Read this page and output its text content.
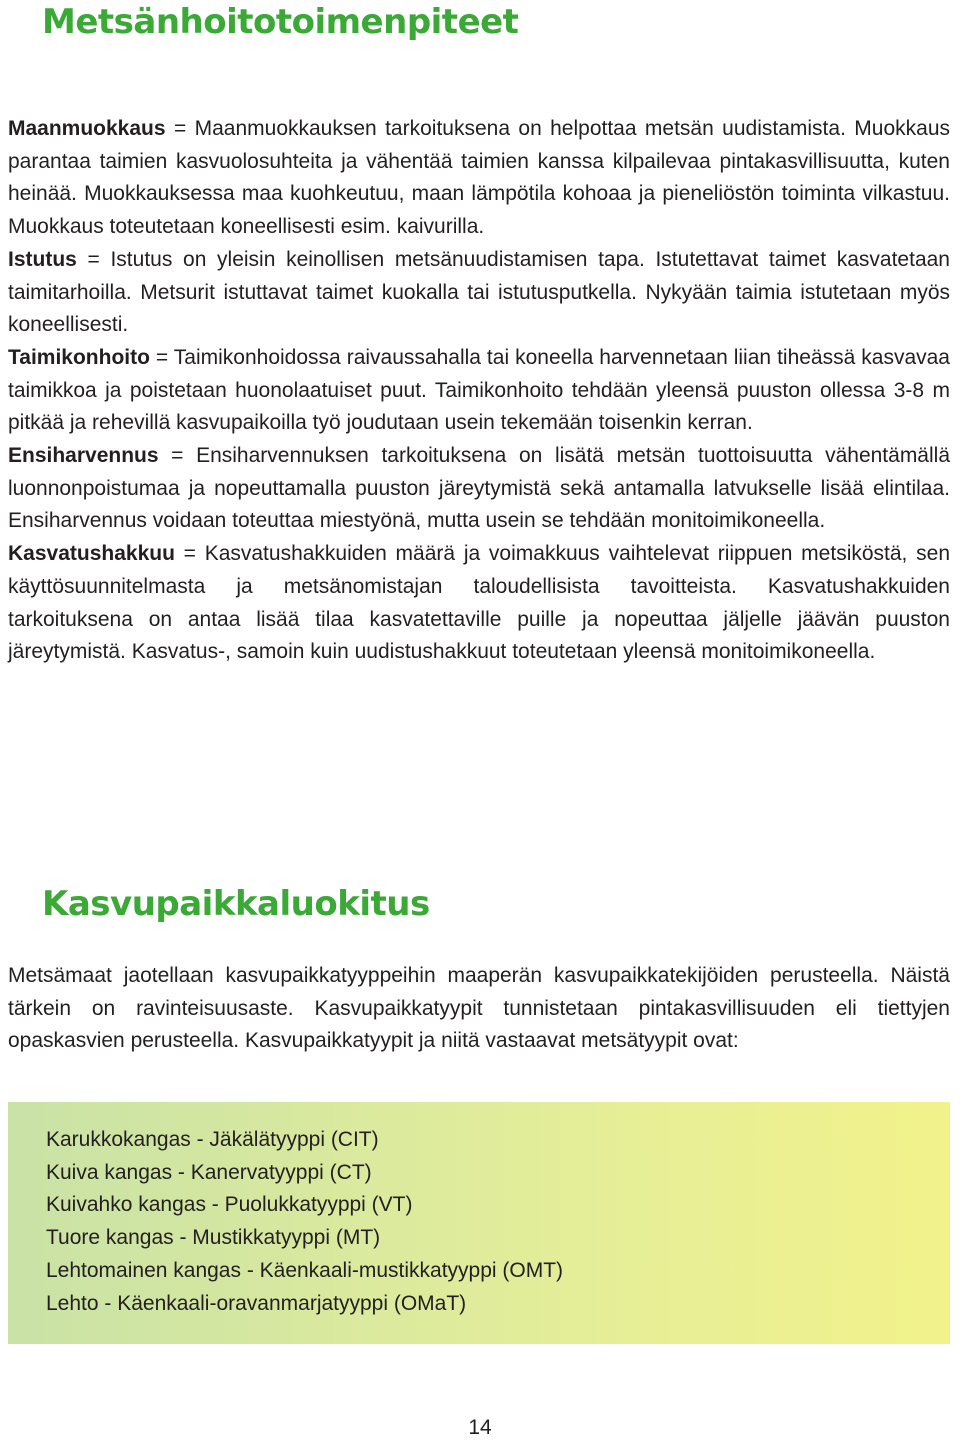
Metsänhoitotoimenpiteet

Maanmuokkaus = Maanmuokkauksen tarkoituksena on helpottaa metsän uudistamista. Muokkaus parantaa taimien kasvuolosuhteita ja vähentää taimien kanssa kilpailevaa pintakasvillisuutta, kuten heinää. Muokkauksessa maa kuohkeutuu, maan lämpötila kohoaa ja pieneliöstön toiminta vilkastuu. Muokkaus toteutetaan koneellisesti esim. kaivurilla.

Istutus = Istutus on yleisin keinollisen metsänuudistamisen tapa. Istutettavat taimet kasvatetaan taimitarhoilla. Metsurit istuttavat taimet kuokalla tai istutusputkella. Nykyään taimia istutetaan myös koneellisesti.

Taimikonhoito = Taimikonhoidossa raivaussahalla tai koneella harvennetaan liian tiheässä kasvavaa taimikkoa ja poistetaan huonolaatuiset puut. Taimikonhoito tehdään yleensä puuston ollessa 3-8 m pitkää ja rehevillä kasvupaikoilla työ joudutaan usein tekemään toisenkin kerran.

Ensiharvennus = Ensiharvennuksen tarkoituksena on lisätä metsän tuottoisuutta vähentämällä luonnonpoistumaa ja nopeuttamalla puuston järeytymistä sekä antamalla latvukselle lisää elintilaa. Ensiharvennus voidaan toteuttaa miestyönä, mutta usein se tehdään monitoimikoneella.

Kasvatushakkuu = Kasvatushakkuiden määrä ja voimakkuus vaihtelevat riippuen metsiköstä, sen käyttösuunnitelmasta ja metsänomistajan taloudellisista tavoitteista. Kasvatushakkuiden tarkoituksena on antaa lisää tilaa kasvatettaville puille ja nopeuttaa jäljelle jäävän puuston järeytymistä. Kasvatus-, samoin kuin uudistushakkuut toteutetaan yleensä monitoimikoneella.

Kasvupaikkaluokitus

Metsämaat jaotellaan kasvupaikkatyyppeihin maaperän kasvupaikkatekijöiden perusteella. Näistä tärkein on ravinteisuusaste. Kasvupaikkatyypit tunnistetaan pintakasvillisuuden eli tiettyjen opaskasvien perusteella. Kasvupaikkatyypit ja niitä vastaavat metsätyypit ovat:

Karukkokangas - Jäkälätyyppi (CIT)
Kuiva kangas - Kanervatyyppi (CT)
Kuivahko kangas - Puolukkatyyppi (VT)
Tuore kangas - Mustikkatyyppi (MT)
Lehtomainen kangas - Käenkaali-mustikkatyyppi (OMT)
Lehto - Käenkaali-oravanmarjatyyppi (OMaT)
14
